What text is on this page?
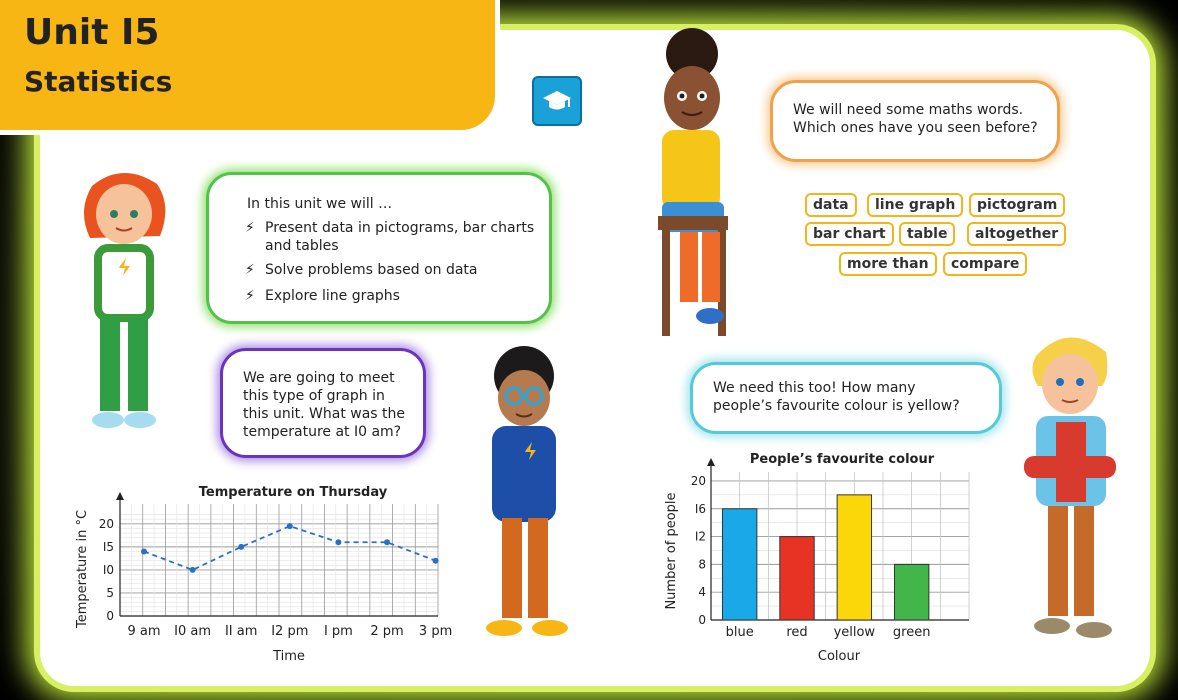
Unit I5
Statistics
In this unit we will …
⚡ Present data in pictograms, bar charts
and tables
⚡ Solve problems based on data
⚡ Explore line graphs
We are going to meet
this type of graph in
this unit. What was the
temperature at I0 am?
We will need some maths words.
Which ones have you seen before?
We need this too! How many
people’s favourite colour is yellow?
data	line graph	pictogram
bar chart	table	altogether
more than	compare
Temperature on Thursday
0
5
I0
I5
20
9 am I0 am II am I2 pm I pm 2 pm 3 pm
Time
Temperature in °C
People’s favourite colour
0
4
8
I2
I6
20
blue	red yellow green
Colour
Number of people
